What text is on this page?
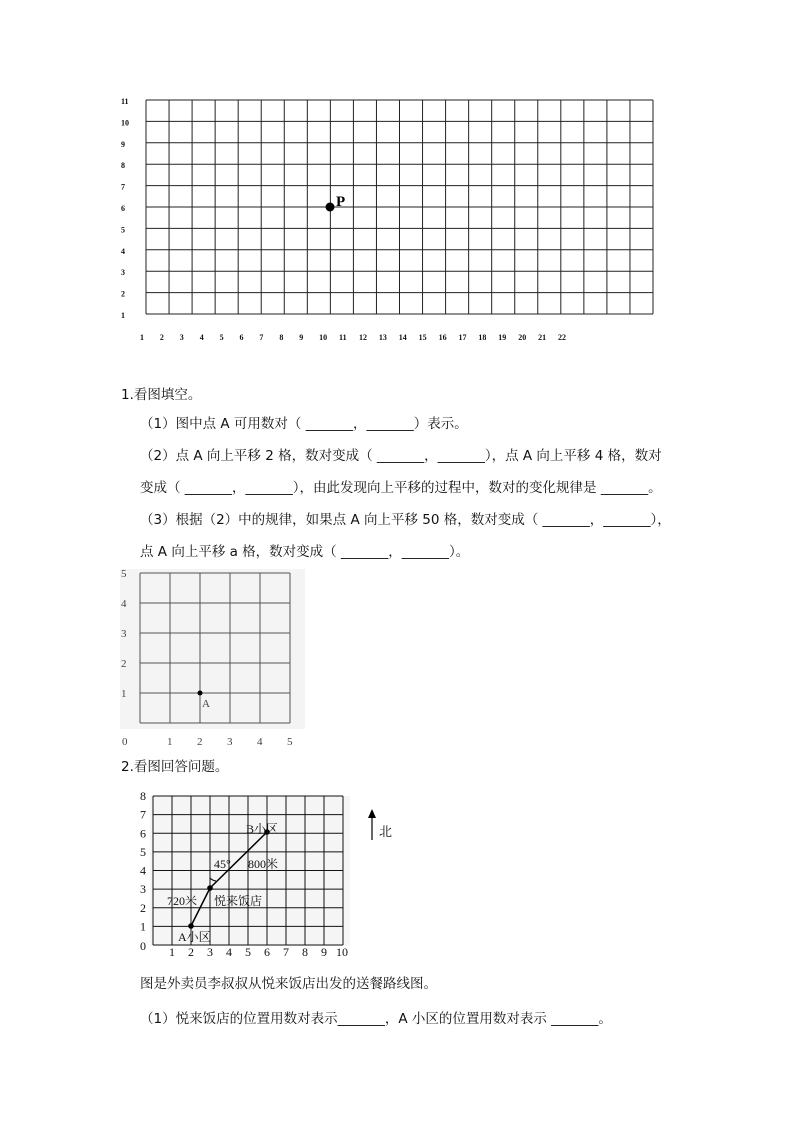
1
2
3
4
5
6
7
8
9
10
11
1 2 3 4 5 6 7 8 9 10 11 12 13 14 15 16 17 18 19 20 21 22
P
1.看图填空。
（1）图中点 A 可用数对（ _______，_______）表示。
（2）点 A 向上平移 2 格，数对变成（ _______，_______），点 A 向上平移 4 格，数对
变成（ _______，_______），由此发现向上平移的过程中，数对的变化规律是 _______。
（3）根据（2）中的规律，如果点 A 向上平移 50 格，数对变成（ _______，_______），
点 A 向上平移 a 格，数对变成（ _______，_______）。
0	1 2 3 4 5
1
2
3
4
5
A
2.看图回答问题。
0 1 2 3 4 5 6 7 8 9 10
1
2
3
4
5
6
7
8
B小区
45° 800米
720米 悦来饭店
A小区
北
图是外卖员李叔叔从悦来饭店出发的送餐路线图。
（1）悦来饭店的位置用数对表示_______，A 小区的位置用数对表示 _______。
